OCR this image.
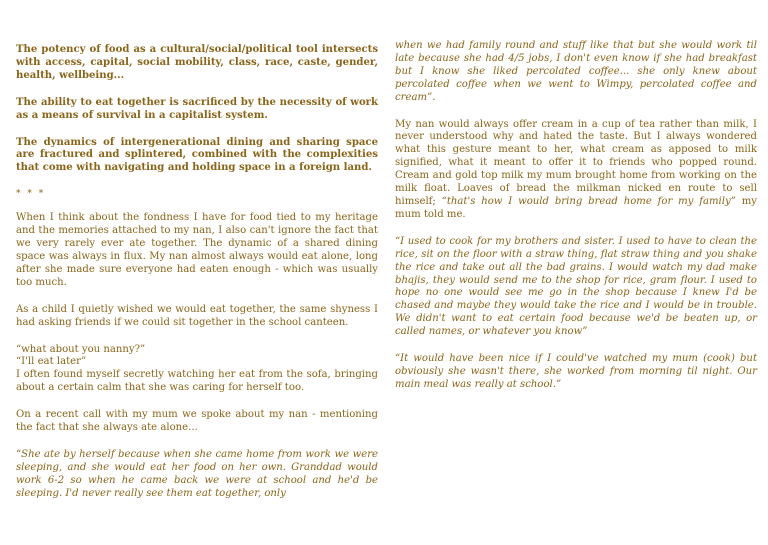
The potency of food as a cultural/social/political tool intersects with access, capital, social mobility, class, race, caste, gender, health, wellbeing...

The ability to eat together is sacrificed by the necessity of work as a means of survival in a capitalist system.

The dynamics of intergenerational dining and sharing space are fractured and splintered, combined with the complexities that come with navigating and holding space in a foreign land.

* * *

When I think about the fondness I have for food tied to my heritage and the memories attached to my nan, I also can't ignore the fact that we very rarely ever ate together. The dynamic of a shared dining space was always in flux. My nan almost always would eat alone, long after she made sure everyone had eaten enough - which was usually too much.

As a child I quietly wished we would eat together, the same shyness I had asking friends if we could sit together in the school canteen.

“what about you nanny?”
“I'll eat later”
I often found myself secretly watching her eat from the sofa, bringing about a certain calm that she was caring for herself too.

On a recent call with my mum we spoke about my nan - mentioning the fact that she always ate alone...

“She ate by herself because when she came home from work we were sleeping, and she would eat her food on her own. Granddad would work 6-2 so when he came back we were at school and he'd be sleeping. I'd never really see them eat together, only

when we had family round and stuff like that but she would work til late because she had 4/5 jobs, I don't even know if she had breakfast but I know she liked percolated coffee... she only knew about percolated coffee when we went to Wimpy, percolated coffee and cream”.

My nan would always offer cream in a cup of tea rather than milk, I never understood why and hated the taste. But I always wondered what this gesture meant to her, what cream as apposed to milk signified, what it meant to offer it to friends who popped round. Cream and gold top milk my mum brought home from working on the milk float. Loaves of bread the milkman nicked en route to sell himself; “that's how I would bring bread home for my family” my mum told me.

“I used to cook for my brothers and sister. I used to have to clean the rice, sit on the floor with a straw thing, flat straw thing and you shake the rice and take out all the bad grains. I would watch my dad make bhajis, they would send me to the shop for rice, gram flour. I used to hope no one would see me go in the shop because I knew I'd be chased and maybe they would take the rice and I would be in trouble. We didn't want to eat certain food because we'd be beaten up, or called names, or whatever you know”

“It would have been nice if I could've watched my mum (cook) but obviously she wasn't there, she worked from morning til night. Our main meal was really at school.”
